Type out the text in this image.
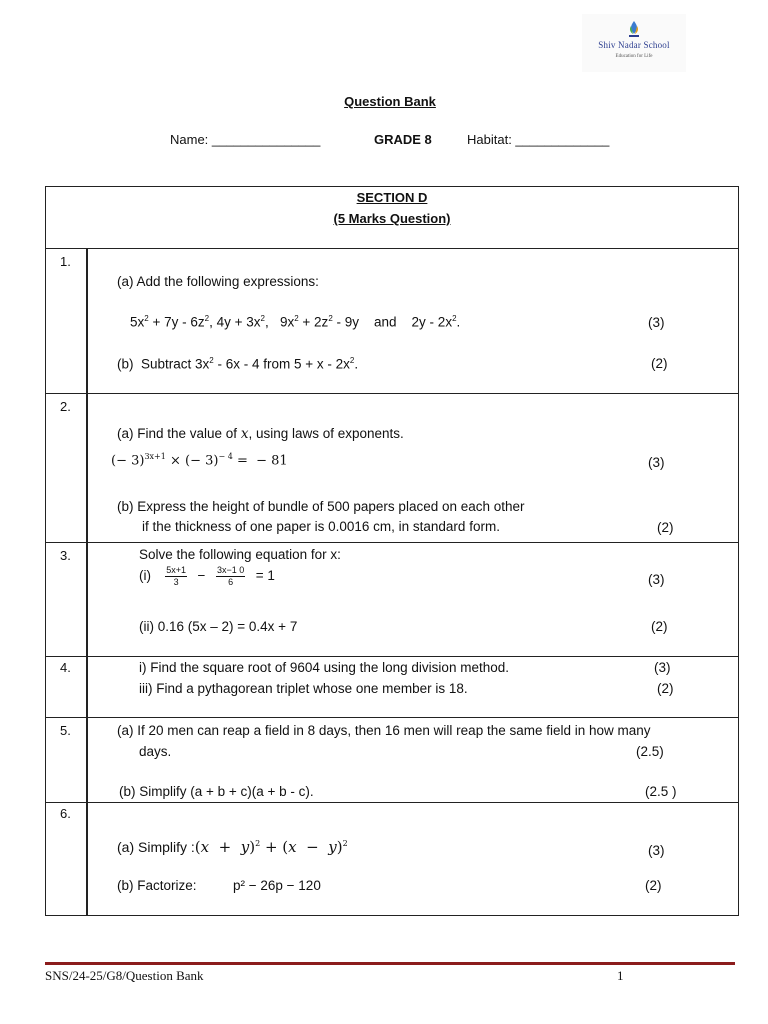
Shiv Nadar School
Education for Life
Question Bank
Name: _______________	GRADE 8	Habitat: _____________
SECTION D
(5 Marks Question)
1.
(a) Add the following expressions:
$5x^2 + 7y - 6z^2$, $4y + 3x^2$,   $9x^2 + 2z^2 - 9y$    and    $2y - 2x^2$.	(3)
(b)  Subtract $3x^2 - 6x - 4$ from $5 + x - 2x^2$.	(2)
2.
(a) Find the value of x, using laws of exponents.
(− 3)$^{3x+1}$ × (− 3)$^{- 4}$ =  − 81	(3)
(b) Express the height of bundle of 500 papers placed on each other
if the thickness of one paper is 0.0016 cm, in standard form.	(2)
3.	Solve the following equation for x:
$(i) \frac{5x+1}{3} - \frac{3x-1 0}{6} = 1$	(3)
(ii) 0.16 (5x – 2) = 0.4x + 7	(2)
4.	i) Find the square root of 9604 using the long division method.	(3)
iii) Find a pythagorean triplet whose one member is 18.	(2)
5.	(a) If 20 men can reap a field in 8 days, then 16 men will reap the same field in how many
days.	(2.5)
(b) Simplify (a + b + c)(a + b - c).	(2.5 )
6.
(a) Simplify :(x  +  $y)^2 + (x - y)^2$	(3)
(b) Factorize:	p² − 26p − 120	(2)
SNS/24-25/G8/Question Bank	1
